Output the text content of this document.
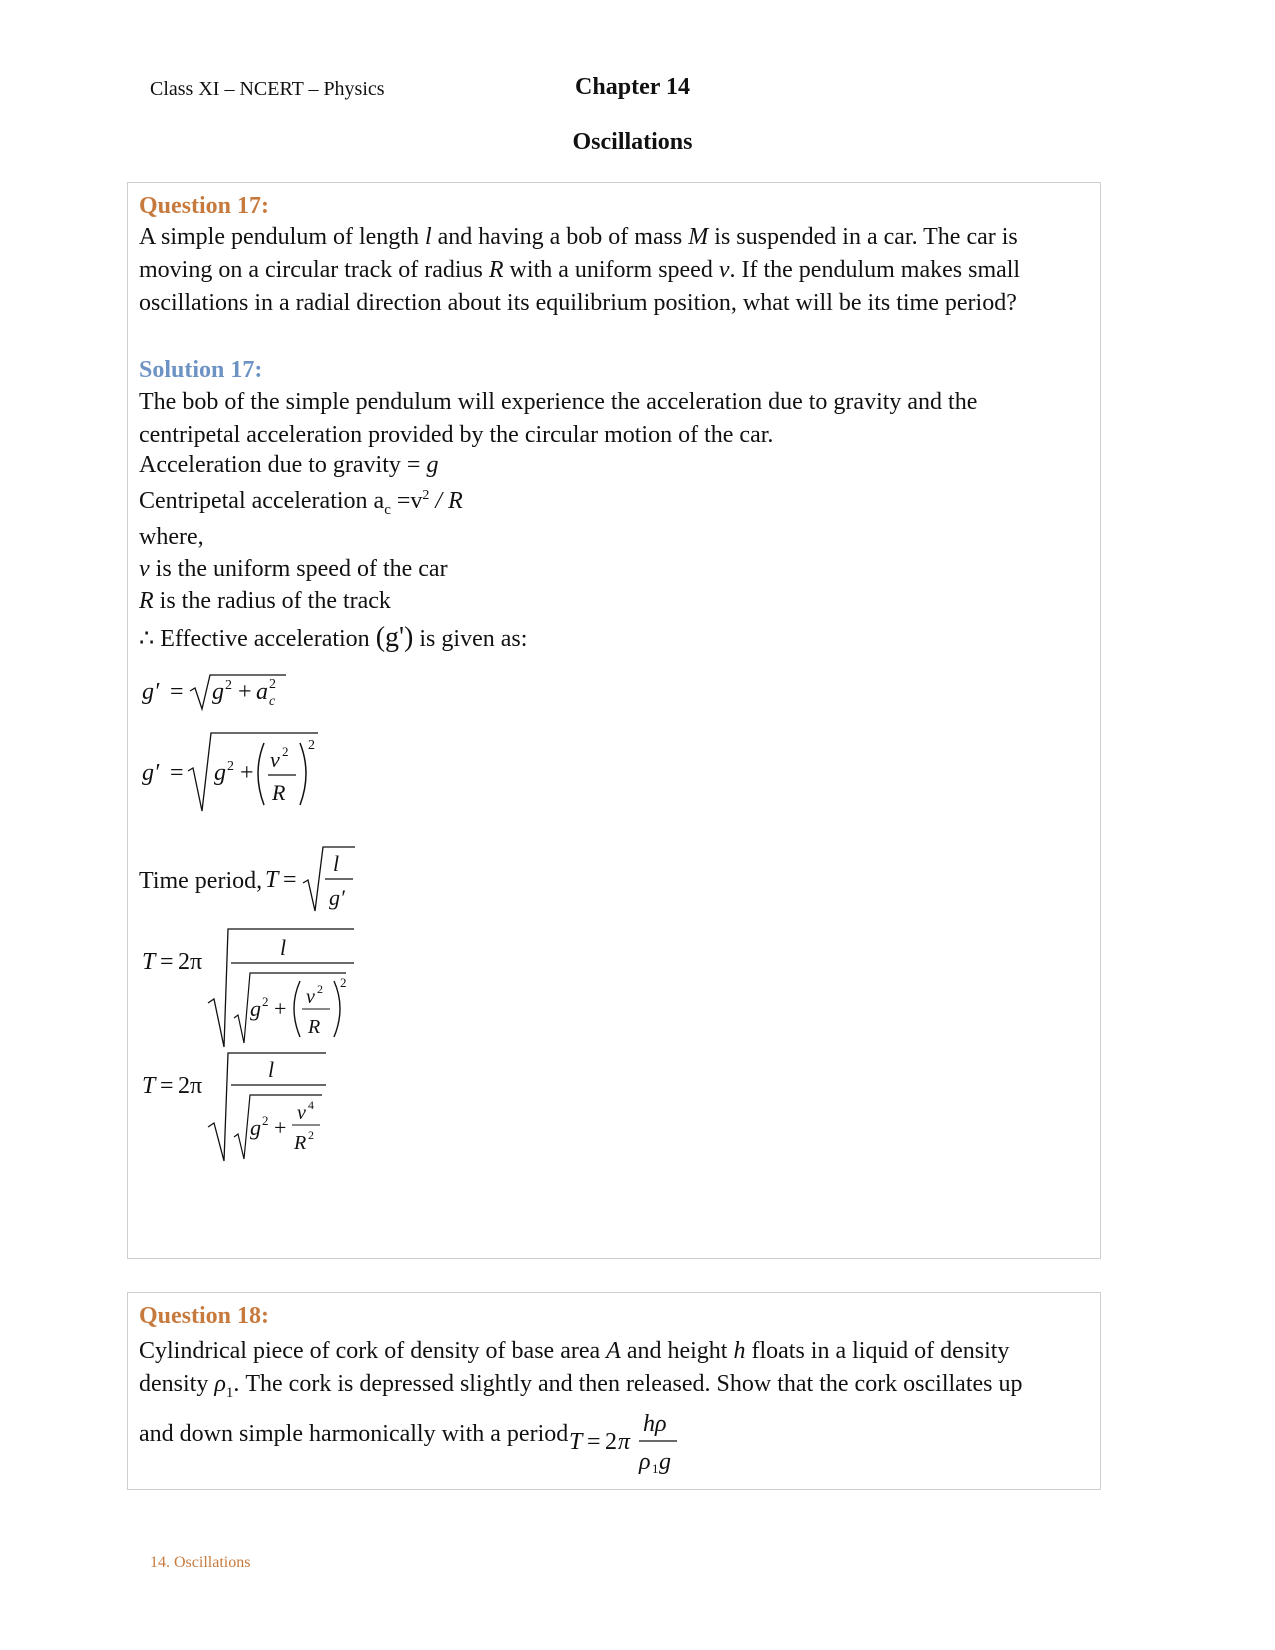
Class XI – NCERT – Physics	Chapter 14
Oscillations
Question 17:
A simple pendulum of length l and having a bob of mass M is suspended in a car. The car is moving on a circular track of radius R with a uniform speed v. If the pendulum makes small oscillations in a radial direction about its equilibrium position, what will be its time period?
Solution 17:
The bob of the simple pendulum will experience the acceleration due to gravity and the centripetal acceleration provided by the circular motion of the car.
Acceleration due to gravity = g
Centripetal acceleration $a_c =v^2 / R$
where,
v is the uniform speed of the car
R is the radius of the track
∴ Effective acceleration (g') is given as:
g′ = g 2 + a 2
c
g′ = g 2 +
v 2
R
2
Time period, T =
l
g′
T = 2π
l
g 2 + v 2
R
2
T = 2π
l
g 2 +
v 4
R 2
Question 18:
Cylindrical piece of cork of density of base area A and height h floats in a liquid of density
density $\rho_1$. The cork is depressed slightly and then released. Show that the cork oscillates up
and down simple harmonically with a period T = 2 π
hρ
ρ 1 g
14. Oscillations
